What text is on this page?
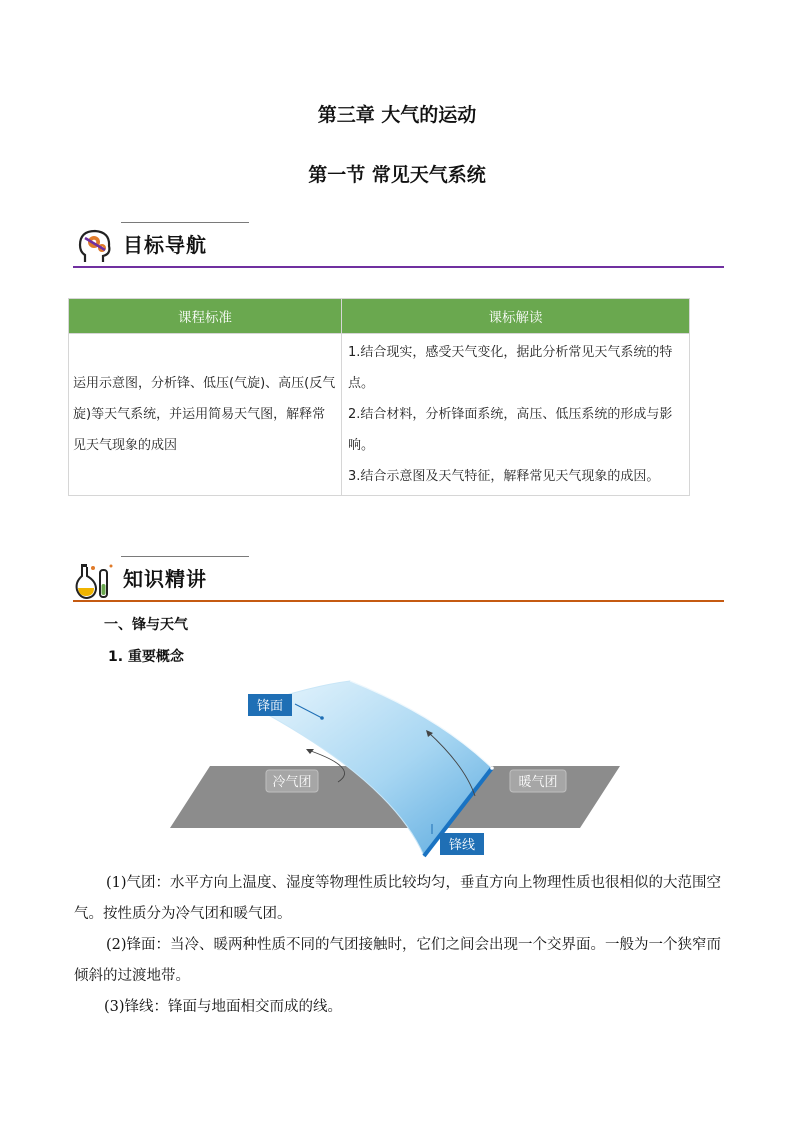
第三章 大气的运动
第一节 常见天气系统
目标导航
课程标准	课标解读
运用示意图，分析锋、低压(气旋)、高压(反气旋)等天气系统，并运用简易天气图，解释常见天气现象的成因	1.结合现实，感受天气变化，据此分析常见天气系统的特点。
2.结合材料，分析锋面系统，高压、低压系统的形成与影响。
3.结合示意图及天气特征，解释常见天气现象的成因。
知识精讲
一、锋与天气
1. 重要概念
冷气团	暖气团
锋面
锋线
(1)气团：水平方向上温度、湿度等物理性质比较均匀，垂直方向上物理性质也很相似的大范围空气。按性质分为冷气团和暖气团。
(2)锋面：当冷、暖两种性质不同的气团接触时，它们之间会出现一个交界面。一般为一个狭窄而倾斜的过渡地带。
(3)锋线：锋面与地面相交而成的线。
